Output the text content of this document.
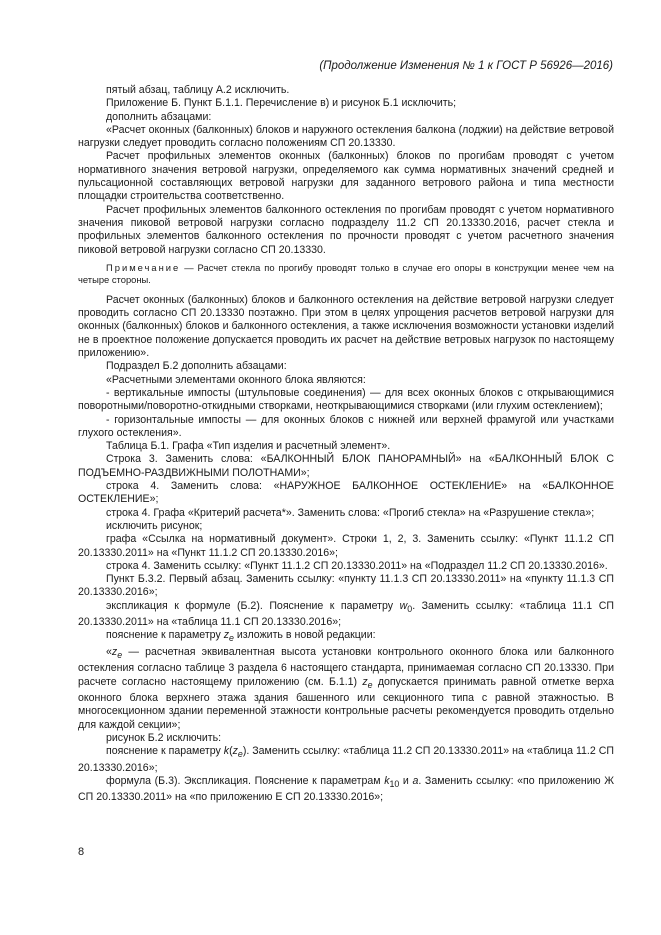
(Продолжение Изменения № 1 к ГОСТ Р 56926—2016)

пятый абзац, таблицу А.2 исключить.

Приложение Б. Пункт Б.1.1. Перечисление в) и рисунок Б.1 исключить;

дополнить абзацами:

«Расчет оконных (балконных) блоков и наружного остекления балкона (лоджии) на действие ветровой нагрузки следует проводить согласно положениям СП 20.13330.

Расчет профильных элементов оконных (балконных) блоков по прогибам проводят с учетом нормативного значения ветровой нагрузки, определяемого как сумма нормативных значений средней и пульсационной составляющих ветровой нагрузки для заданного ветрового района и типа местности площадки строительства соответственно.

Расчет профильных элементов балконного остекления по прогибам проводят с учетом нормативного значения пиковой ветровой нагрузки согласно подразделу 11.2 СП 20.13330.2016, расчет стекла и профильных элементов балконного остекления по прочности проводят с учетом расчетного значения пиковой ветровой нагрузки согласно СП 20.13330.

Примечание — Расчет стекла по прогибу проводят только в случае его опоры в конструкции менее чем на четыре стороны.

Расчет оконных (балконных) блоков и балконного остекления на действие ветровой нагрузки следует проводить согласно СП 20.13330 поэтажно. При этом в целях упрощения расчетов ветровой нагрузки для оконных (балконных) блоков и балконного остекления, а также исключения возможности установки изделий не в проектное положение допускается проводить их расчет на действие ветровых нагрузок по настоящему приложению».

Подраздел Б.2 дополнить абзацами:

«Расчетными элементами оконного блока являются:

- вертикальные импосты (штульповые соединения) — для всех оконных блоков с открывающимися поворотными/поворотно-откидными створками, неоткрывающимися створками (или глухим остеклением);

- горизонтальные импосты — для оконных блоков с нижней или верхней фрамугой или участками глухого остекления».

Таблица Б.1. Графа «Тип изделия и расчетный элемент».

Строка 3. Заменить слова: «БАЛКОННЫЙ БЛОК ПАНОРАМНЫЙ» на «БАЛКОННЫЙ БЛОК С ПОДЪЕМНО-РАЗДВИЖНЫМИ ПОЛОТНАМИ»;

строка 4. Заменить слова: «НАРУЖНОЕ БАЛКОННОЕ ОСТЕКЛЕНИЕ» на «БАЛКОННОЕ ОСТЕКЛЕНИЕ»;

строка 4. Графа «Критерий расчета*». Заменить слова: «Прогиб стекла» на «Разрушение стекла»;

исключить рисунок;

графа «Ссылка на нормативный документ». Строки 1, 2, 3. Заменить ссылку: «Пункт 11.1.2 СП 20.13330.2011» на «Пункт 11.1.2 СП 20.13330.2016»;

строка 4. Заменить ссылку: «Пункт 11.1.2 СП 20.13330.2011» на «Подраздел 11.2 СП 20.13330.2016».

Пункт Б.3.2. Первый абзац. Заменить ссылку: «пункту 11.1.3 СП 20.13330.2011» на «пункту 11.1.3 СП 20.13330.2016»;

экспликация к формуле (Б.2). Пояснение к параметру $w_0$. Заменить ссылку: «таблица 11.1 СП 20.13330.2011» на «таблица 11.1 СП 20.13330.2016»;

пояснение к параметру $z_e$ изложить в новой редакции:

«$z_e$ — расчетная эквивалентная высота установки контрольного оконного блока или балконного остекления согласно таблице 3 раздела 6 настоящего стандарта, принимаемая согласно СП 20.13330. При расчете согласно настоящему приложению (см. Б.1.1) $z_e$ допускается принимать равной отметке верха оконного блока верхнего этажа здания башенного или секционного типа с равной этажностью. В многосекционном здании переменной этажности контрольные расчеты рекомендуется проводить отдельно для каждой секции»;

рисунок Б.2 исключить:

пояснение к параметру $k(z_e)$. Заменить ссылку: «таблица 11.2 СП 20.13330.2011» на «таблица 11.2 СП 20.13330.2016»;

формула (Б.3). Экспликация. Пояснение к параметрам $k_{10}$ и a. Заменить ссылку: «по приложению Ж СП 20.13330.2011» на «по приложению Е СП 20.13330.2016»;

8
